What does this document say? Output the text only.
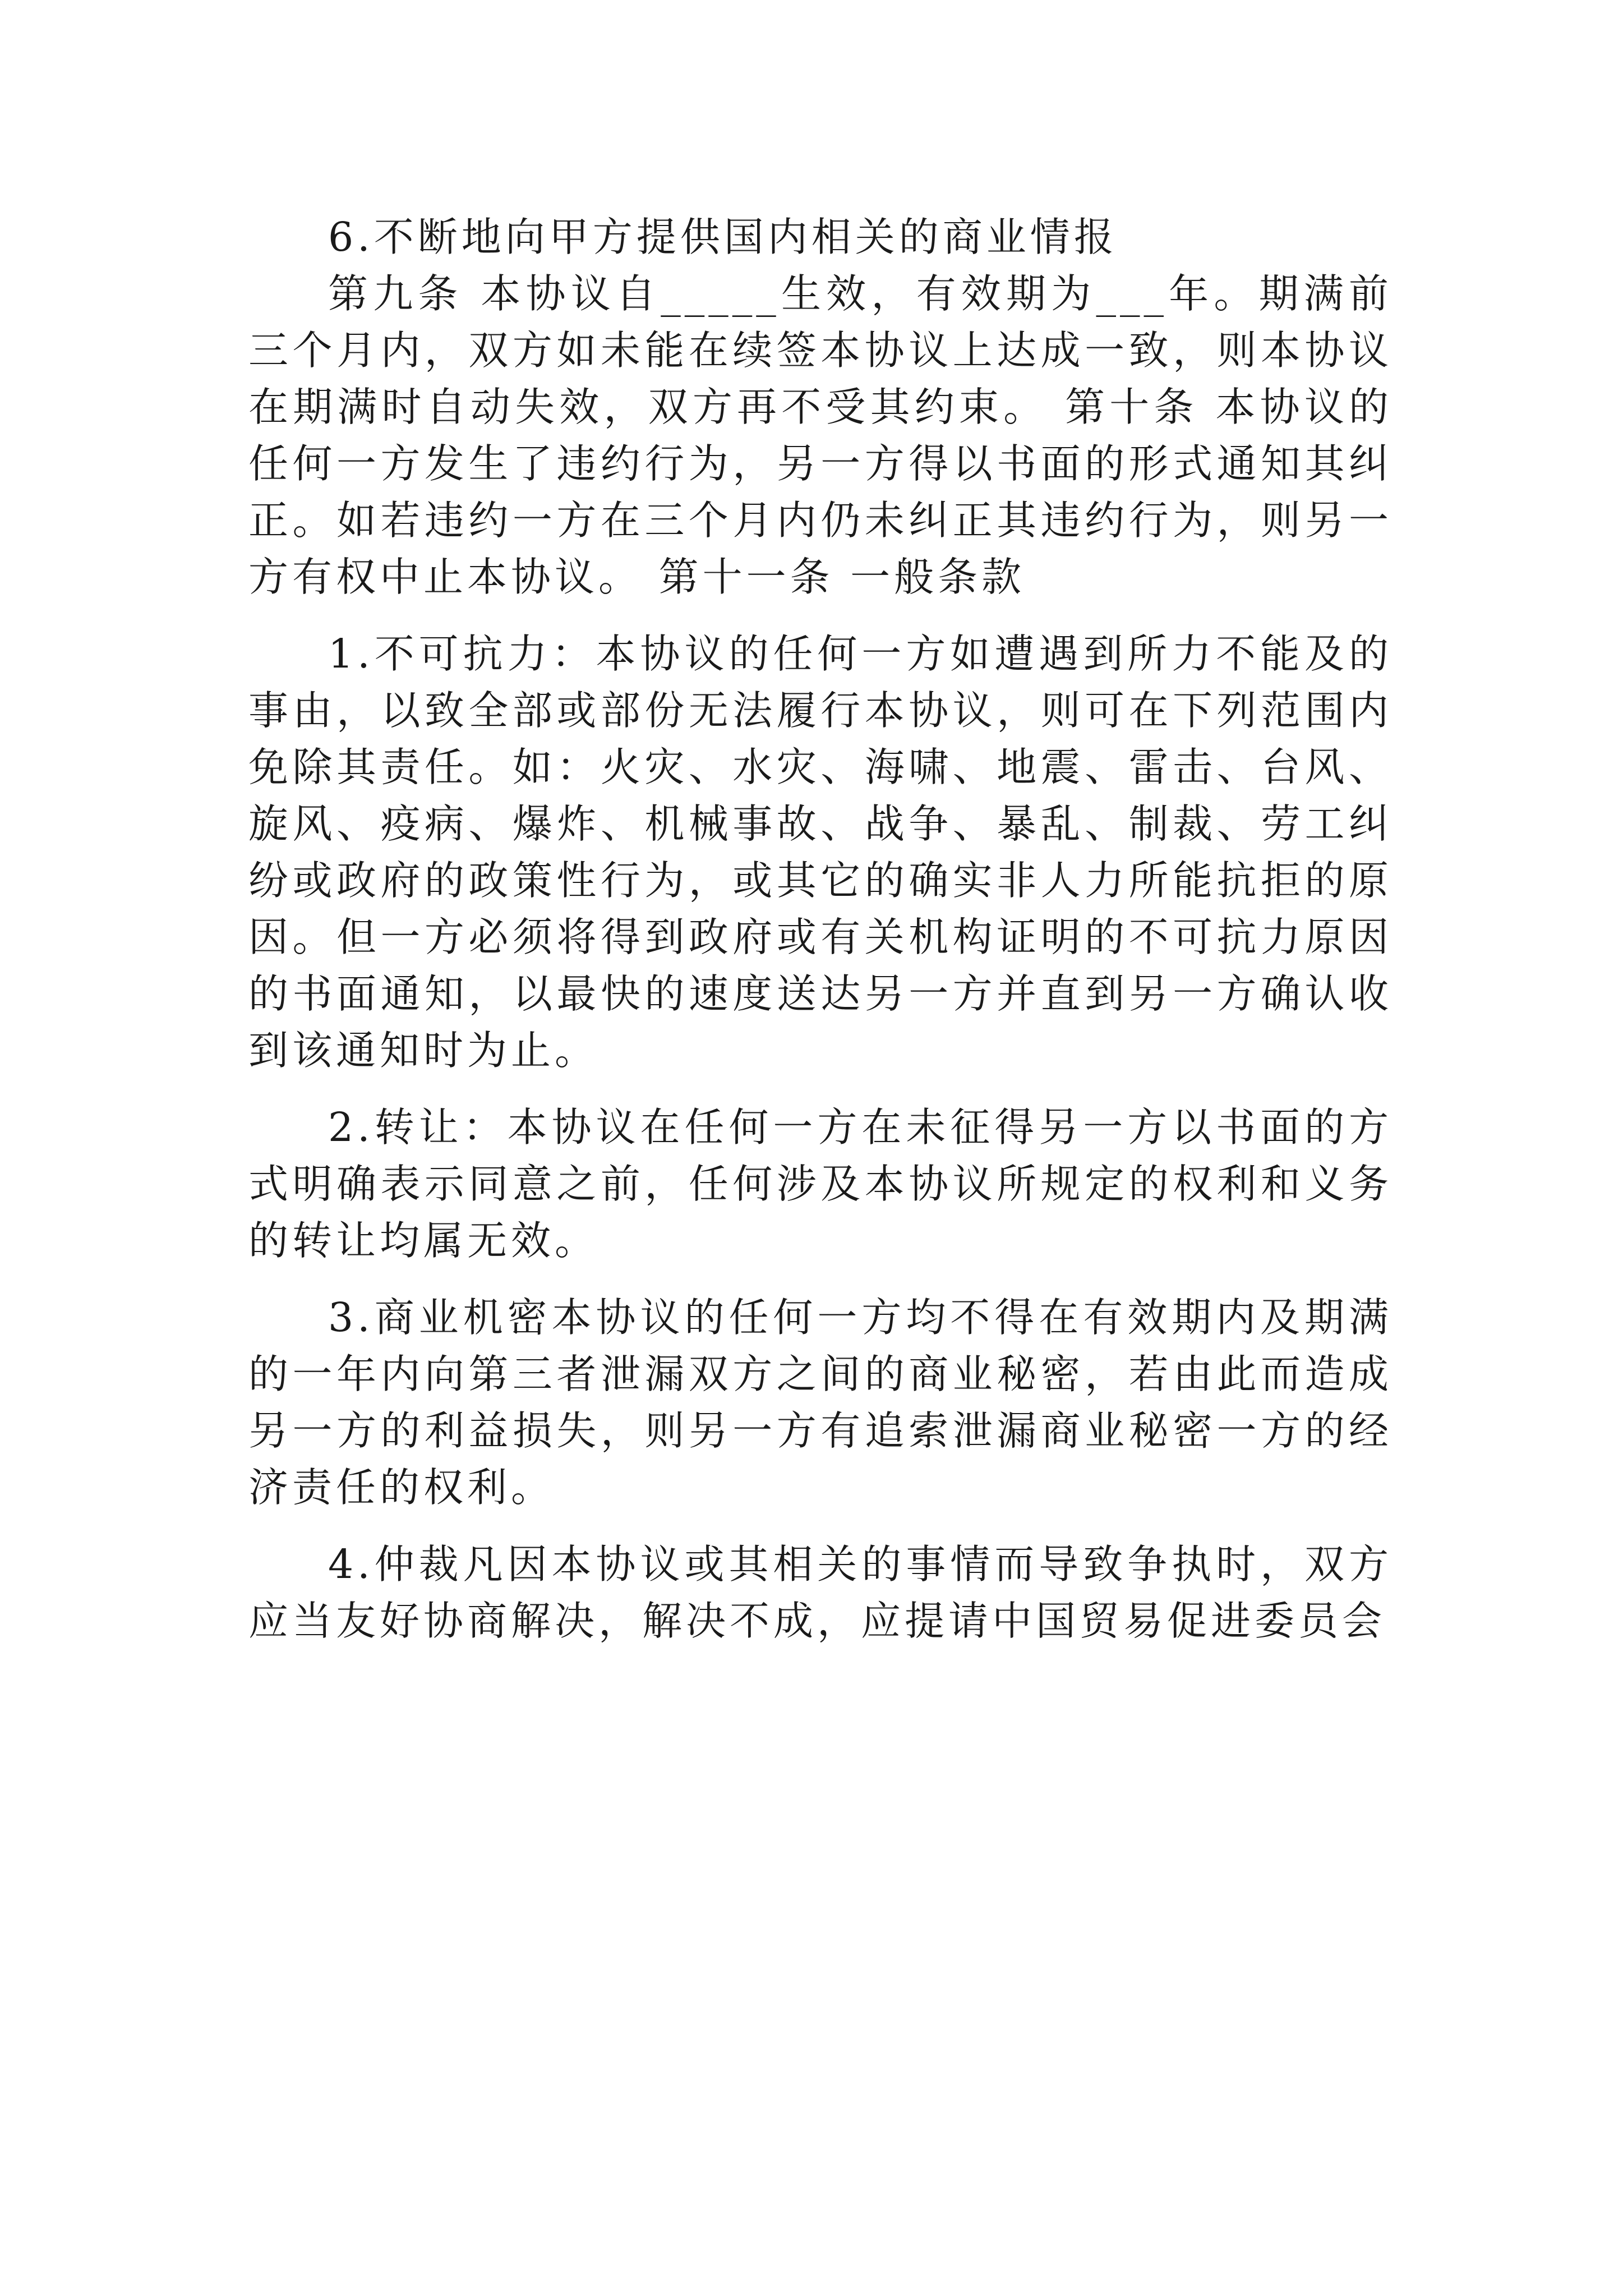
6.不断地向甲方提供国内相关的商业情报

第九条 本协议自_____生效，有效期为___年。期满前三个月内，双方如未能在续签本协议上达成一致，则本协议在期满时自动失效，双方再不受其约束。 第十条 本协议的任何一方发生了违约行为，另一方得以书面的形式通知其纠正。如若违约一方在三个月内仍未纠正其违约行为，则另一方有权中止本协议。 第十一条 一般条款

1.不可抗力：本协议的任何一方如遭遇到所力不能及的事由，以致全部或部份无法履行本协议，则可在下列范围内免除其责任。如：火灾、水灾、海啸、地震、雷击、台风、旋风、疫病、爆炸、机械事故、战争、暴乱、制裁、劳工纠纷或政府的政策性行为，或其它的确实非人力所能抗拒的原因。但一方必须将得到政府或有关机构证明的不可抗力原因的书面通知，以最快的速度送达另一方并直到另一方确认收到该通知时为止。

2.转让：本协议在任何一方在未征得另一方以书面的方式明确表示同意之前，任何涉及本协议所规定的权利和义务的转让均属无效。

3.商业机密本协议的任何一方均不得在有效期内及期满的一年内向第三者泄漏双方之间的商业秘密，若由此而造成另一方的利益损失，则另一方有追索泄漏商业秘密一方的经济责任的权利。

4.仲裁凡因本协议或其相关的事情而导致争执时，双方应当友好协商解决，解决不成，应提请中国贸易促进委员会
